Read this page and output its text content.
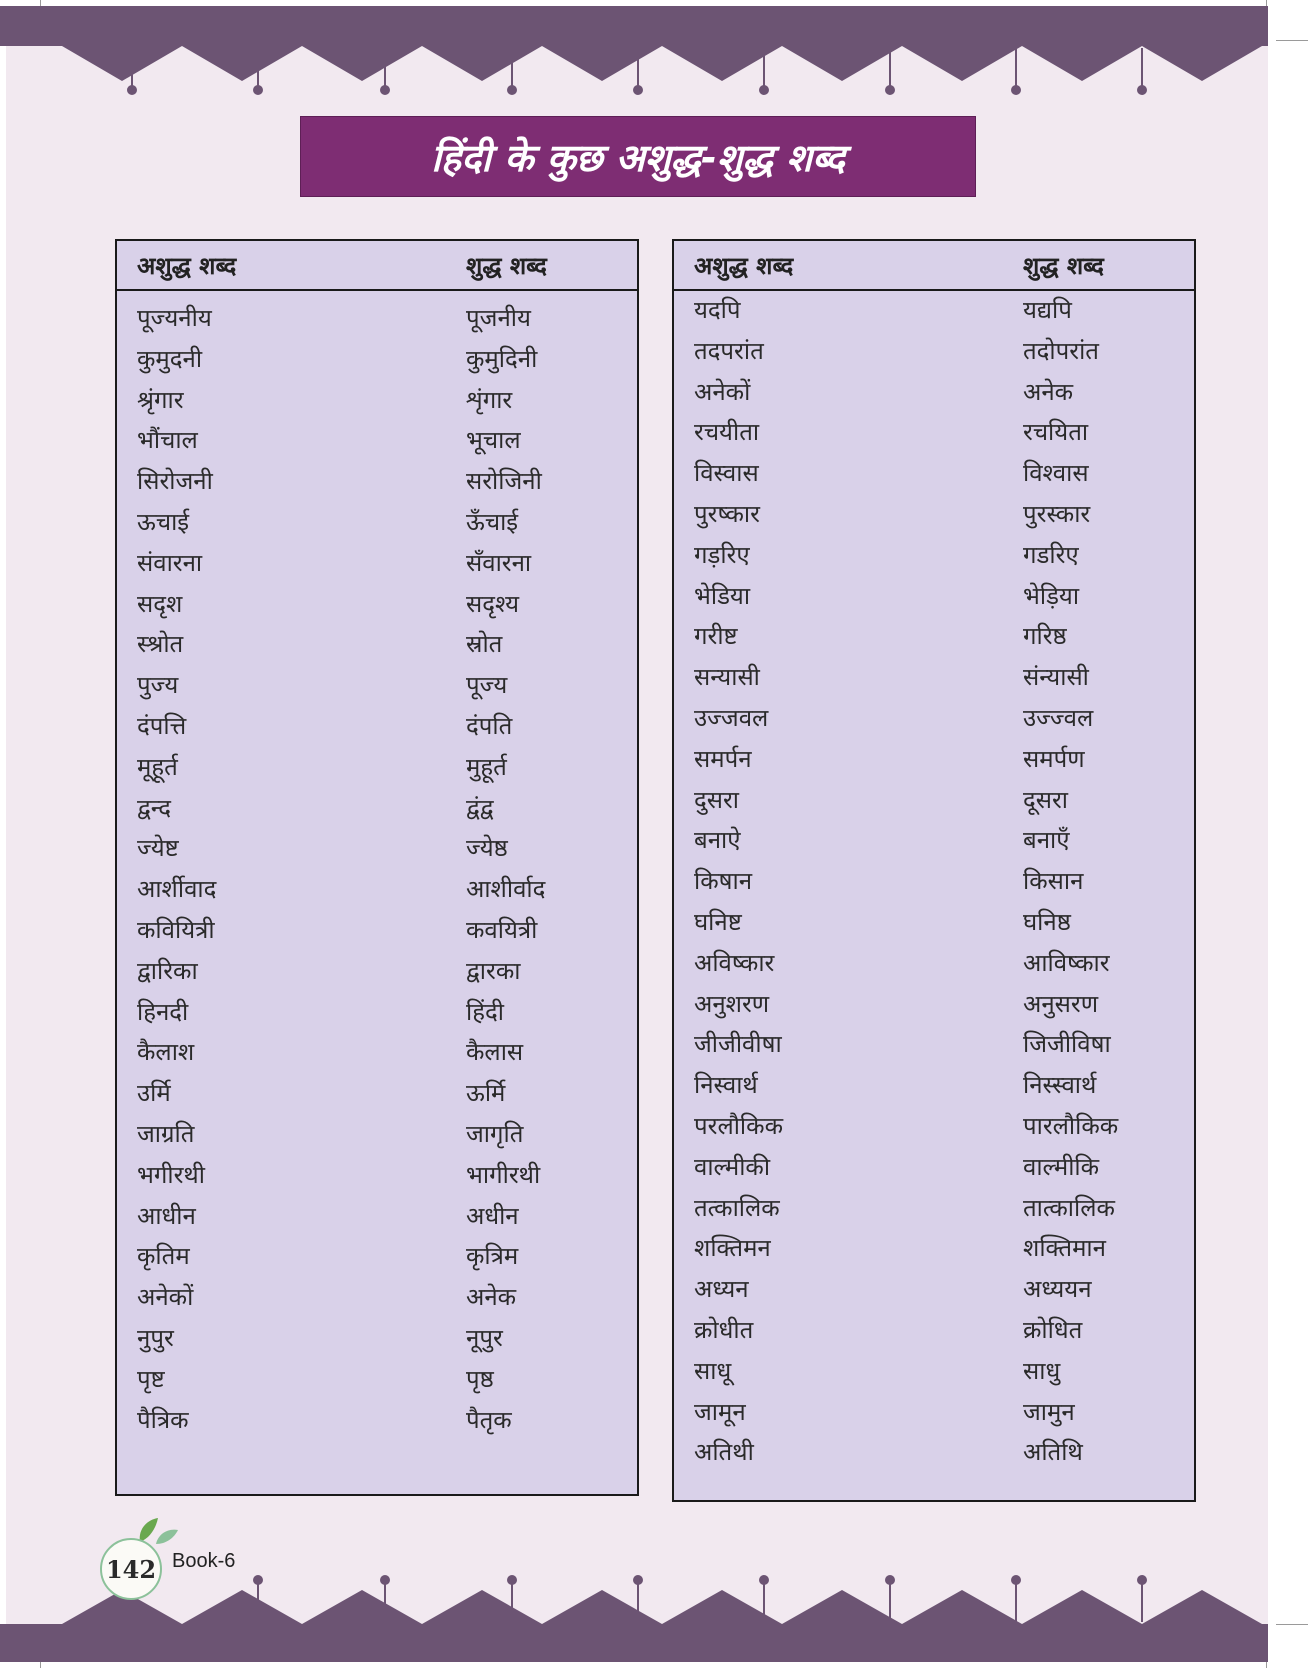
हिंदी के कुछ अशुद्ध-शुद्ध शब्द
अशुद्ध शब्द	शुद्ध शब्द
पूज्यनीय	पूजनीय
कुमुदनी	कुमुदिनी
श्रृंगार	शृंगार
भौंचाल	भूचाल
सिरोजनी	सरोजिनी
ऊचाई	ऊँचाई
संवारना	सँवारना
सदृश	सदृश्य
स्श्रोत	स्रोत
पुज्य	पूज्य
दंपत्ति	दंपति
मूहूर्त	मुहूर्त
द्वन्द	द्वंद्व
ज्येष्ट	ज्येष्ठ
आर्शीवाद	आशीर्वाद
कवियित्री	कवयित्री
द्वारिका	द्वारका
हिनदी	हिंदी
कैलाश	कैलास
उर्मि	ऊर्मि
जाग्रति	जागृति
भगीरथी	भागीरथी
आधीन	अधीन
कृतिम	कृत्रिम
अनेकों	अनेक
नुपुर	नूपुर
पृष्ट	पृष्ठ
पैत्रिक	पैतृक
अशुद्ध शब्द	शुद्ध शब्द
यदपि	यद्यपि
तदपरांत	तदोपरांत
अनेकों	अनेक
रचयीता	रचयिता
विस्वास	विश्वास
पुरष्कार	पुरस्कार
गड़रिए	गडरिए
भेडिया	भेड़िया
गरीष्ट	गरिष्ठ
सन्यासी	संन्यासी
उज्जवल	उज्ज्वल
समर्पन	समर्पण
दुसरा	दूसरा
बनाऐ	बनाएँ
किषान	किसान
घनिष्ट	घनिष्ठ
अविष्कार	आविष्कार
अनुशरण	अनुसरण
जीजीवीषा	जिजीविषा
निस्वार्थ	निस्स्वार्थ
परलौकिक	पारलौकिक
वाल्मीकी	वाल्मीकि
तत्कालिक	तात्कालिक
शक्तिमन	शक्तिमान
अध्यन	अध्ययन
क्रोधीत	क्रोधित
साधू	साधु
जामून	जामुन
अतिथी	अतिथि
142 Book-6
